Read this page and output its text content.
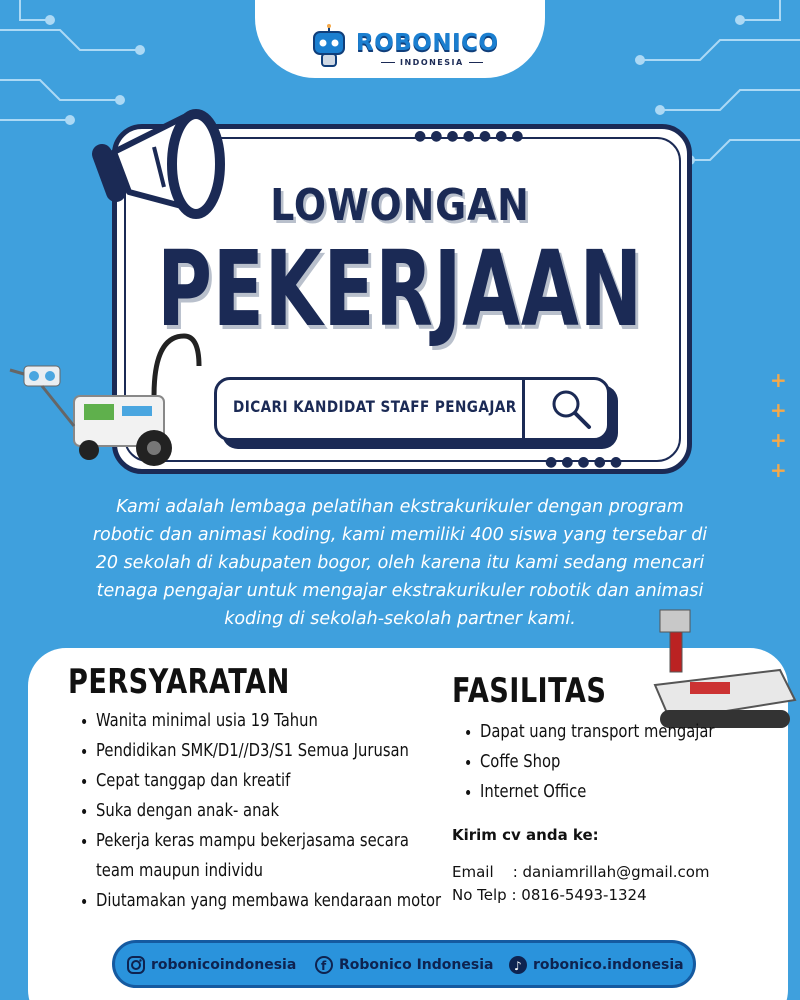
ROBONICO
INDONESIA
●●●●●●●
●●●●●
LOWONGAN
PEKERJAAN
DICARI KANDIDAT STAFF PENGAJAR
+
+
+
+
Kami adalah lembaga pelatihan ekstrakurikuler dengan program robotic dan animasi koding, kami memiliki 400 siswa yang tersebar di 20 sekolah di kabupaten bogor, oleh karena itu kami sedang mencari tenaga pengajar untuk mengajar ekstrakurikuler robotik dan animasi koding di sekolah-sekolah partner kami.
PERSYARATAN
• Wanita minimal usia 19 Tahun
• Pendidikan SMK/D1//D3/S1 Semua Jurusan
• Cepat tanggap dan kreatif
• Suka dengan anak- anak
• Pekerja keras mampu bekerjasama secara
team maupun individu
• Diutamakan yang membawa kendaraan motor
FASILITAS
• Dapat uang transport mengajar
• Coffe Shop
• Internet Office
Kirim cv anda ke:
Email    : daniamrillah@gmail.com
No Telp : 0816-5493-1324
robonicoindonesia f Robonico Indonesia ♪ robonico.indonesia
